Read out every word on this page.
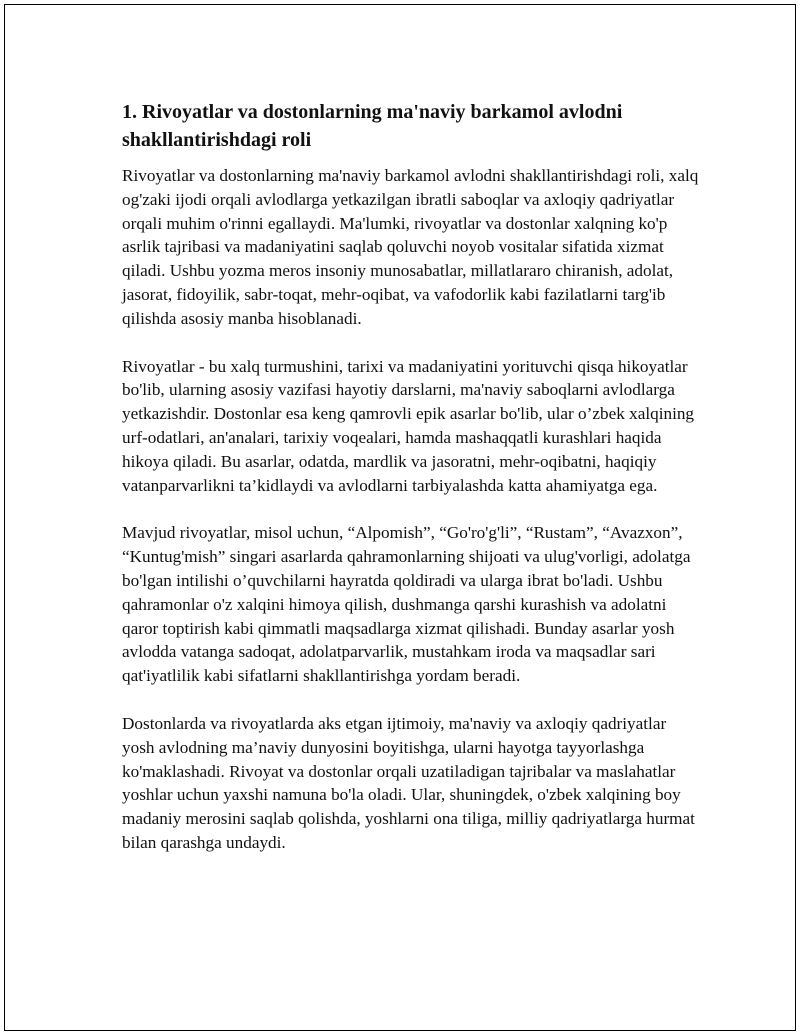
1. Rivoyatlar va dostonlarning ma'naviy barkamol avlodni shakllantirishdagi roli

Rivoyatlar va dostonlarning ma'naviy barkamol avlodni shakllantirishdagi roli, xalq og'zaki ijodi orqali avlodlarga yetkazilgan ibratli saboqlar va axloqiy qadriyatlar orqali muhim o'rinni egallaydi. Ma'lumki, rivoyatlar va dostonlar xalqning ko'p asrlik tajribasi va madaniyatini saqlab qoluvchi noyob vositalar sifatida xizmat qiladi. Ushbu yozma meros insoniy munosabatlar, millatlararo chiranish, adolat, jasorat, fidoyilik, sabr-toqat, mehr-oqibat, va vafodorlik kabi fazilatlarni targ'ib qilishda asosiy manba hisoblanadi.

Rivoyatlar - bu xalq turmushini, tarixi va madaniyatini yorituvchi qisqa hikoyatlar bo'lib, ularning asosiy vazifasi hayotiy darslarni, ma'naviy saboqlarni avlodlarga yetkazishdir. Dostonlar esa keng qamrovli epik asarlar bo'lib, ular o’zbek xalqining urf-odatlari, an'analari, tarixiy voqealari, hamda mashaqqatli kurashlari haqida hikoya qiladi. Bu asarlar, odatda, mardlik va jasoratni, mehr-oqibatni, haqiqiy vatanparvarlikni ta’kidlaydi va avlodlarni tarbiyalashda katta ahamiyatga ega.

Mavjud rivoyatlar, misol uchun, “Alpomish”, “Go'ro'g'li”, “Rustam”, “Avazxon”, “Kuntug'mish” singari asarlarda qahramonlarning shijoati va ulug'vorligi, adolatga bo'lgan intilishi o’quvchilarni hayratda qoldiradi va ularga ibrat bo'ladi. Ushbu qahramonlar o'z xalqini himoya qilish, dushmanga qarshi kurashish va adolatni qaror toptirish kabi qimmatli maqsadlarga xizmat qilishadi. Bunday asarlar yosh avlodda vatanga sadoqat, adolatparvarlik, mustahkam iroda va maqsadlar sari qat'iyatlilik kabi sifatlarni shakllantirishga yordam beradi.

Dostonlarda va rivoyatlarda aks etgan ijtimoiy, ma'naviy va axloqiy qadriyatlar yosh avlodning ma’naviy dunyosini boyitishga, ularni hayotga tayyorlashga ko'maklashadi. Rivoyat va dostonlar orqali uzatiladigan tajribalar va maslahatlar yoshlar uchun yaxshi namuna bo'la oladi. Ular, shuningdek, o'zbek xalqining boy madaniy merosini saqlab qolishda, yoshlarni ona tiliga, milliy qadriyatlarga hurmat bilan qarashga undaydi.
